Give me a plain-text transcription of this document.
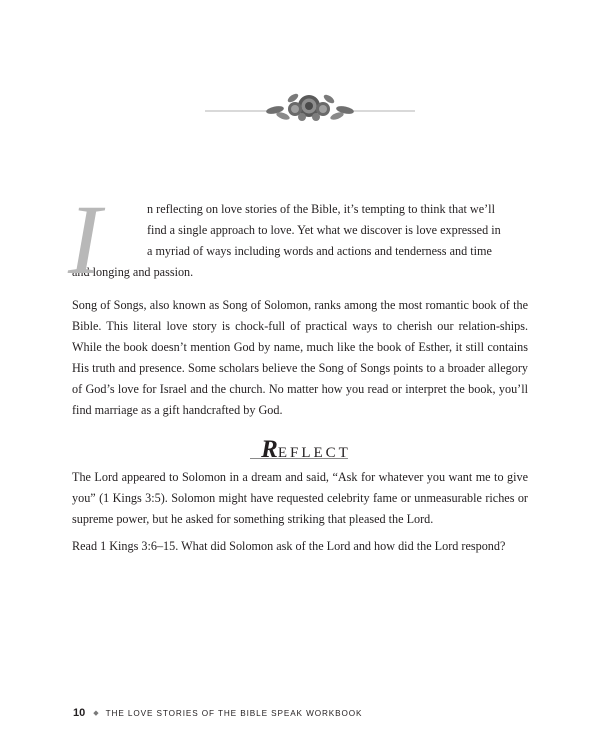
I	n reflecting on love stories of the Bible, it’s tempting to think that we’ll

find a single approach to love. Yet what we discover is love expressed in

a myriad of ways including words and actions and tenderness and time

and longing and passion.

Song of Songs, also known as Song of Solomon, ranks among the most romantic book of the Bible. This literal love story is chock-full of practical ways to cherish our relation-ships. While the book doesn’t mention God by name, much like the book of Esther, it still contains His truth and presence. Some scholars believe the Song of Songs points to a broader allegory of God’s love for Israel and the church. No matter how you read or interpret the book, you’ll find marriage as a gift handcrafted by God.

REFLECT

The Lord appeared to Solomon in a dream and said, “Ask for whatever you want me to give you” (1 Kings 3:5). Solomon might have requested celebrity fame or unmeasurable riches or supreme power, but he asked for something striking that pleased the Lord.

Read 1 Kings 3:6–15. What did Solomon ask of the Lord and how did the Lord respond?

10 ◆ THE LOVE STORIES OF THE BIBLE SPEAK WORKBOOK
